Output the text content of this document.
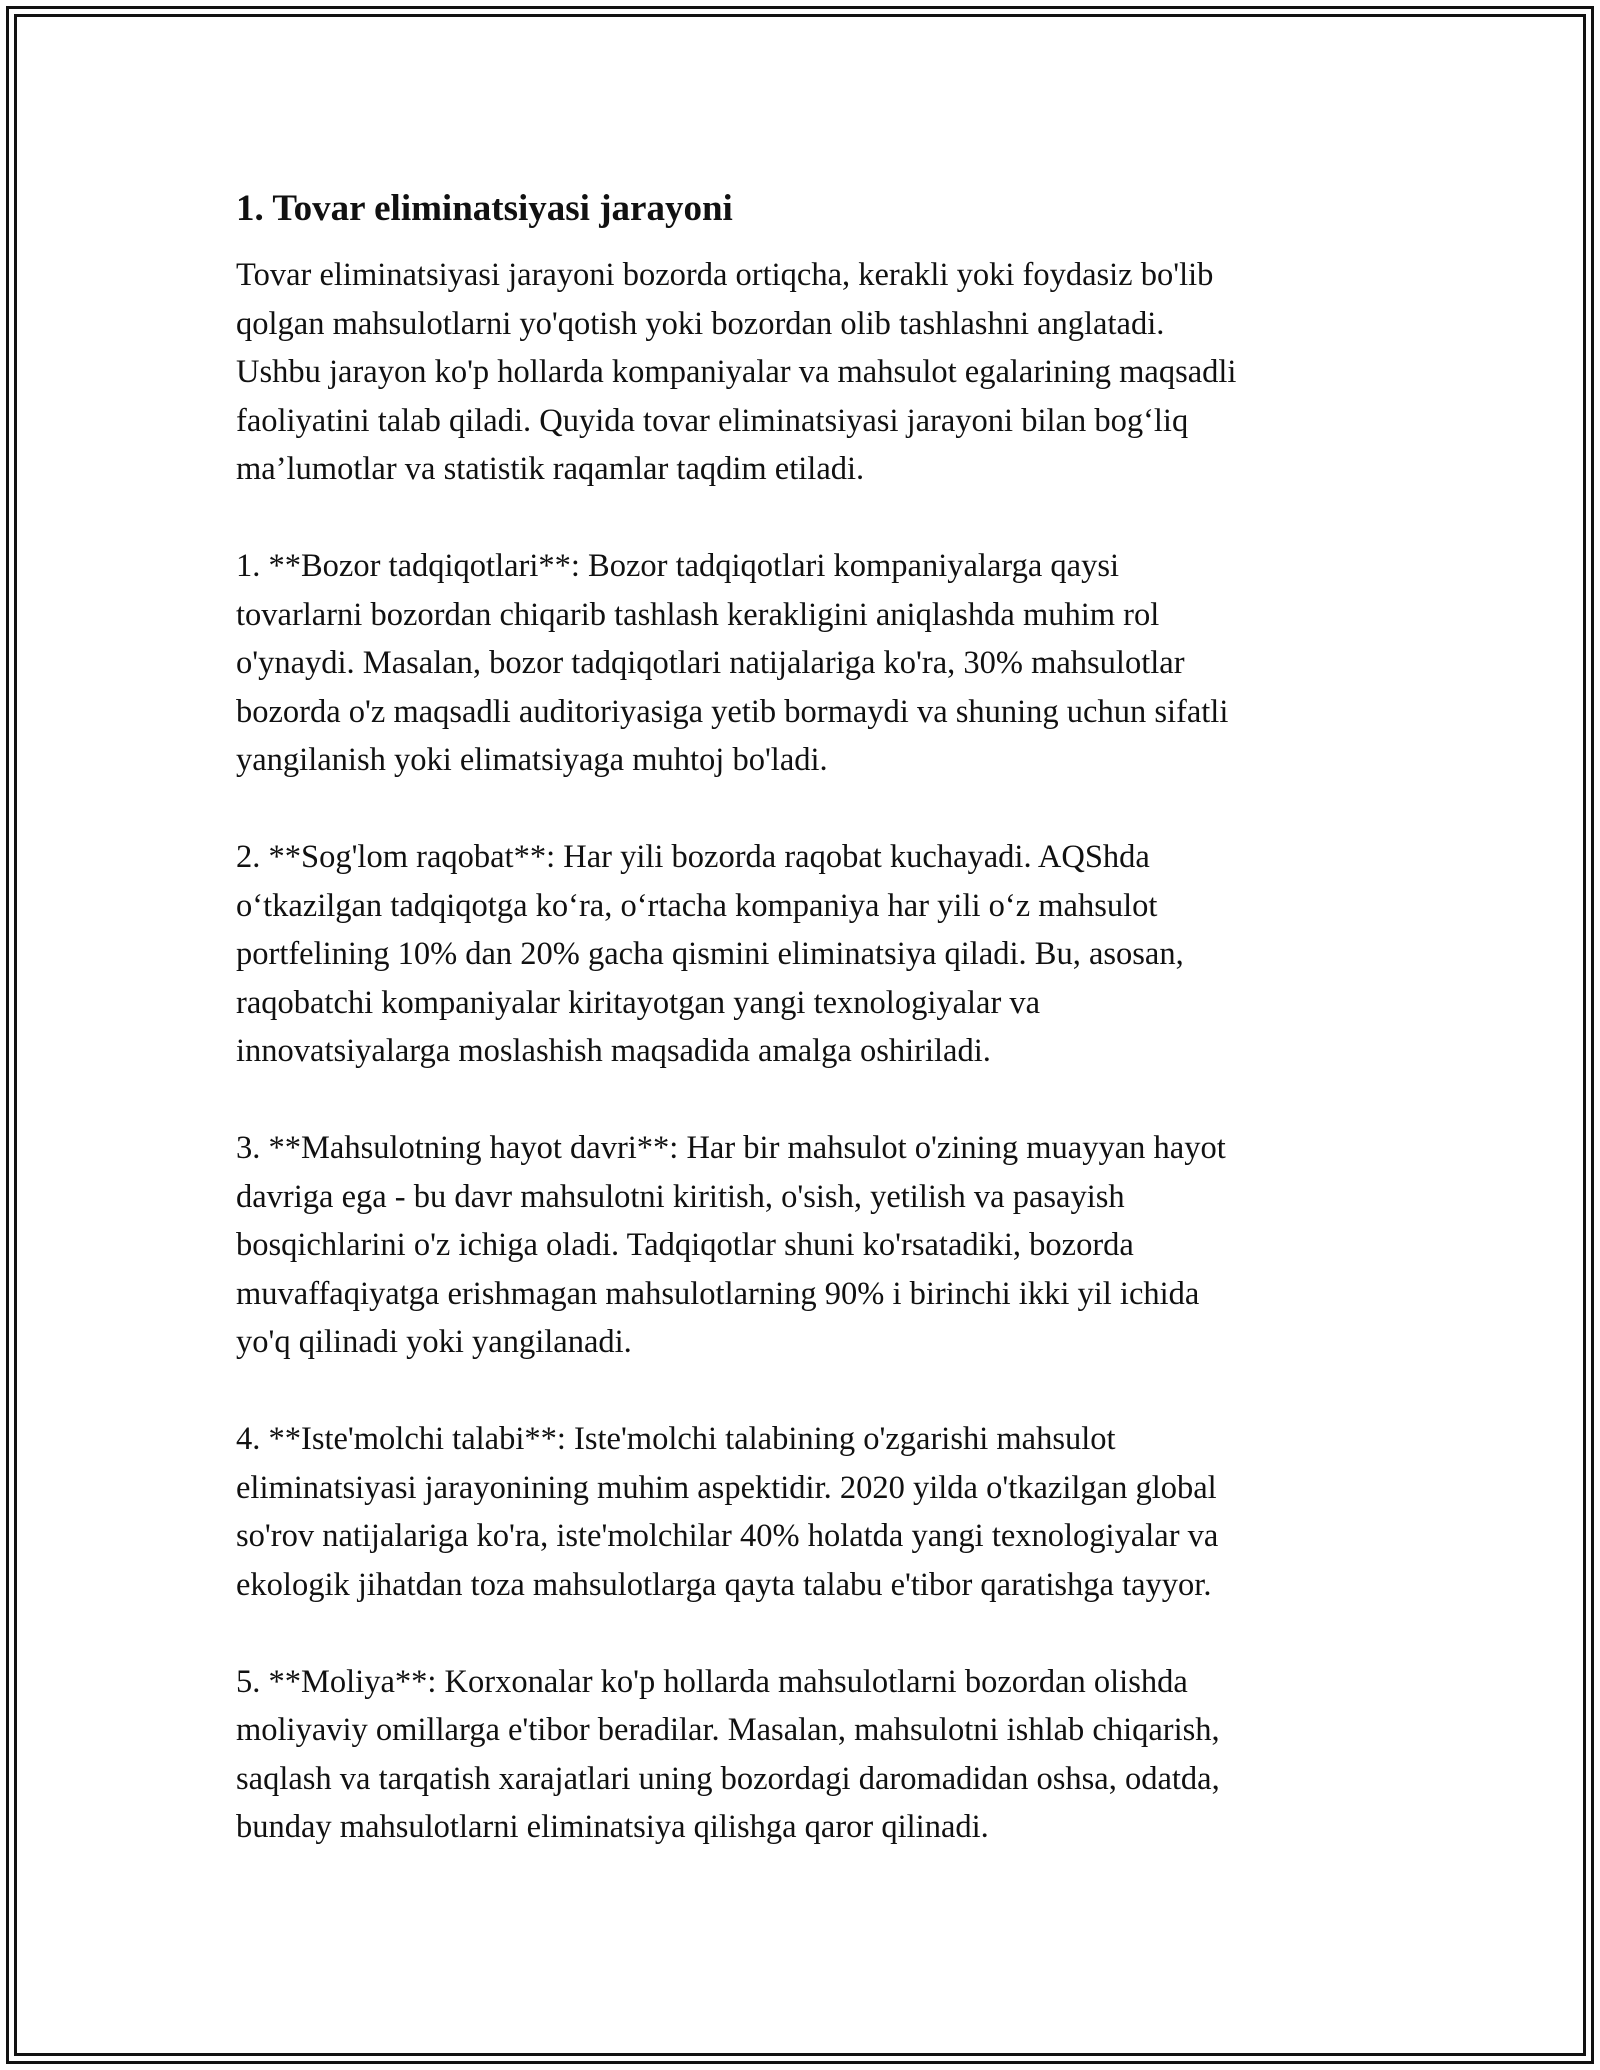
1. Tovar eliminatsiyasi jarayoni

Tovar eliminatsiyasi jarayoni bozorda ortiqcha, kerakli yoki foydasiz bo'lib
qolgan mahsulotlarni yo'qotish yoki bozordan olib tashlashni anglatadi.
Ushbu jarayon ko'p hollarda kompaniyalar va mahsulot egalarining maqsadli
faoliyatini talab qiladi. Quyida tovar eliminatsiyasi jarayoni bilan bog‘liq
ma’lumotlar va statistik raqamlar taqdim etiladi.

1. **Bozor tadqiqotlari**: Bozor tadqiqotlari kompaniyalarga qaysi
tovarlarni bozordan chiqarib tashlash kerakligini aniqlashda muhim rol
o'ynaydi. Masalan, bozor tadqiqotlari natijalariga ko'ra, 30% mahsulotlar
bozorda o'z maqsadli auditoriyasiga yetib bormaydi va shuning uchun sifatli
yangilanish yoki elimatsiyaga muhtoj bo'ladi.

2. **Sog'lom raqobat**: Har yili bozorda raqobat kuchayadi. AQShda
o‘tkazilgan tadqiqotga ko‘ra, o‘rtacha kompaniya har yili o‘z mahsulot
portfelining 10% dan 20% gacha qismini eliminatsiya qiladi. Bu, asosan,
raqobatchi kompaniyalar kiritayotgan yangi texnologiyalar va
innovatsiyalarga moslashish maqsadida amalga oshiriladi.

3. **Mahsulotning hayot davri**: Har bir mahsulot o'zining muayyan hayot
davriga ega - bu davr mahsulotni kiritish, o'sish, yetilish va pasayish
bosqichlarini o'z ichiga oladi. Tadqiqotlar shuni ko'rsatadiki, bozorda
muvaffaqiyatga erishmagan mahsulotlarning 90% i birinchi ikki yil ichida
yo'q qilinadi yoki yangilanadi.

4. **Iste'molchi talabi**: Iste'molchi talabining o'zgarishi mahsulot
eliminatsiyasi jarayonining muhim aspektidir. 2020 yilda o'tkazilgan global
so'rov natijalariga ko'ra, iste'molchilar 40% holatda yangi texnologiyalar va
ekologik jihatdan toza mahsulotlarga qayta talabu e'tibor qaratishga tayyor.

5. **Moliya**: Korxonalar ko'p hollarda mahsulotlarni bozordan olishda
moliyaviy omillarga e'tibor beradilar. Masalan, mahsulotni ishlab chiqarish,
saqlash va tarqatish xarajatlari uning bozordagi daromadidan oshsa, odatda,
bunday mahsulotlarni eliminatsiya qilishga qaror qilinadi.
